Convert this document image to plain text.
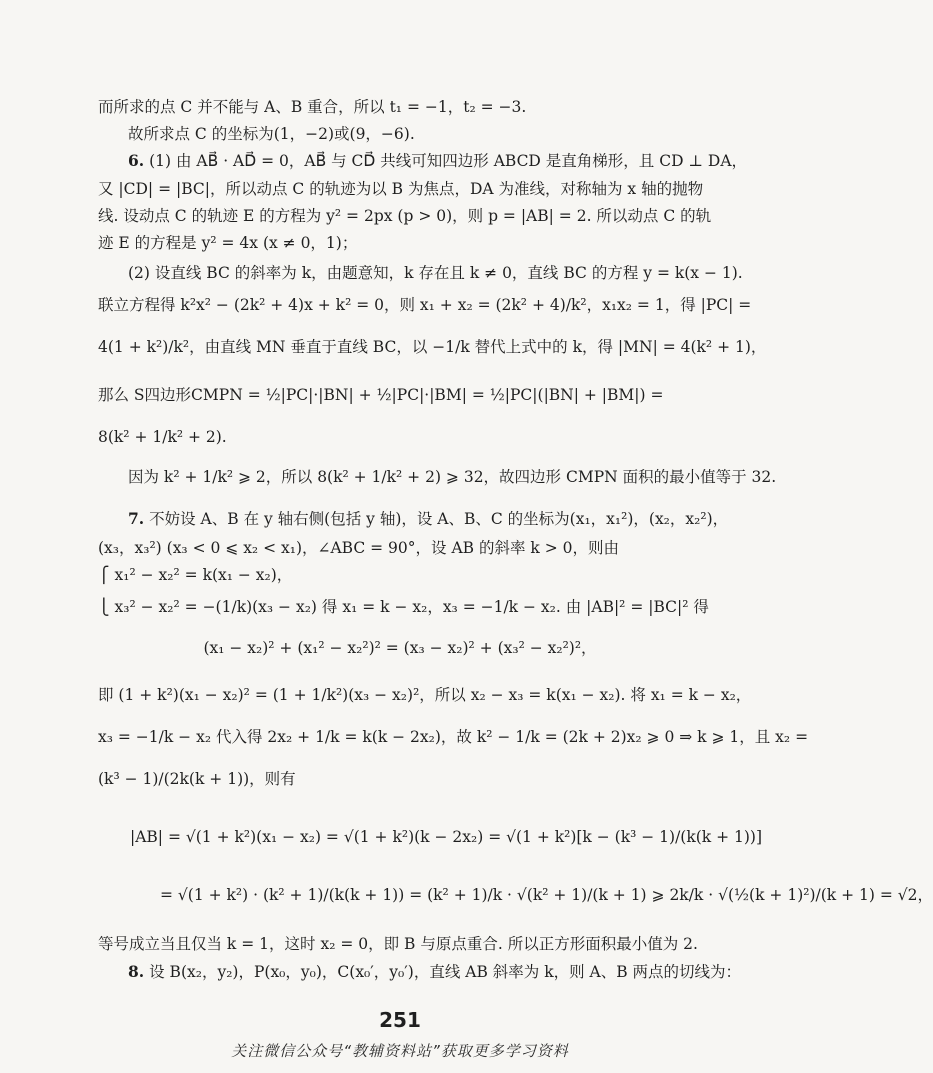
而所求的点 C 并不能与 A、B 重合，所以 t₁ = −1，t₂ = −3.
故所求点 C 的坐标为(1，−2)或(9，−6).
6. (1) 由 AB⃗ · AD⃗ = 0，AB⃗ 与 CD⃗ 共线可知四边形 ABCD 是直角梯形，且 CD ⊥ DA，
又 |CD| = |BC|，所以动点 C 的轨迹为以 B 为焦点，DA 为准线，对称轴为 x 轴的抛物
线. 设动点 C 的轨迹 E 的方程为 y² = 2px (p > 0)，则 p = |AB| = 2. 所以动点 C 的轨
迹 E 的方程是 y² = 4x (x ≠ 0，1)；
(2) 设直线 BC 的斜率为 k，由题意知，k 存在且 k ≠ 0，直线 BC 的方程 y = k(x − 1).
联立方程得 k²x² − (2k² + 4)x + k² = 0，则 x₁ + x₂ = (2k² + 4)/k²，x₁x₂ = 1，得 |PC| =
4(1 + k²)/k²，由直线 MN 垂直于直线 BC，以 −1/k 替代上式中的 k，得 |MN| = 4(k² + 1)，
那么 S四边形CMPN = ½|PC|·|BN| + ½|PC|·|BM| = ½|PC|(|BN| + |BM|) =
8(k² + 1/k² + 2).
因为 k² + 1/k² ⩾ 2，所以 8(k² + 1/k² + 2) ⩾ 32，故四边形 CMPN 面积的最小值等于 32.
7. 不妨设 A、B 在 y 轴右侧(包括 y 轴)，设 A、B、C 的坐标为(x₁，x₁²)，(x₂，x₂²)，
(x₃，x₃²) (x₃ < 0 ⩽ x₂ < x₁)，∠ABC = 90°，设 AB 的斜率 k > 0，则由
⎧ x₁² − x₂² = k(x₁ − x₂)，
⎩ x₃² − x₂² = −(1/k)(x₃ − x₂) 得 x₁ = k − x₂，x₃ = −1/k − x₂. 由 |AB|² = |BC|² 得
(x₁ − x₂)² + (x₁² − x₂²)² = (x₃ − x₂)² + (x₃² − x₂²)²，
即 (1 + k²)(x₁ − x₂)² = (1 + 1/k²)(x₃ − x₂)²，所以 x₂ − x₃ = k(x₁ − x₂). 将 x₁ = k − x₂，
x₃ = −1/k − x₂ 代入得 2x₂ + 1/k = k(k − 2x₂)，故 k² − 1/k = (2k + 2)x₂ ⩾ 0 ⇒ k ⩾ 1，且 x₂ =
(k³ − 1)/(2k(k + 1))，则有
|AB| = √(1 + k²)(x₁ − x₂) = √(1 + k²)(k − 2x₂) = √(1 + k²)[k − (k³ − 1)/(k(k + 1))]
= √(1 + k²) · (k² + 1)/(k(k + 1)) = (k² + 1)/k · √(k² + 1)/(k + 1) ⩾ 2k/k · √(½(k + 1)²)/(k + 1) = √2，
等号成立当且仅当 k = 1，这时 x₂ = 0，即 B 与原点重合. 所以正方形面积最小值为 2.
8. 设 B(x₂，y₂)，P(x₀，y₀)，C(x₀′，y₀′)，直线 AB 斜率为 k，则 A、B 两点的切线为：
251
关注微信公众号“教辅资料站”获取更多学习资料
